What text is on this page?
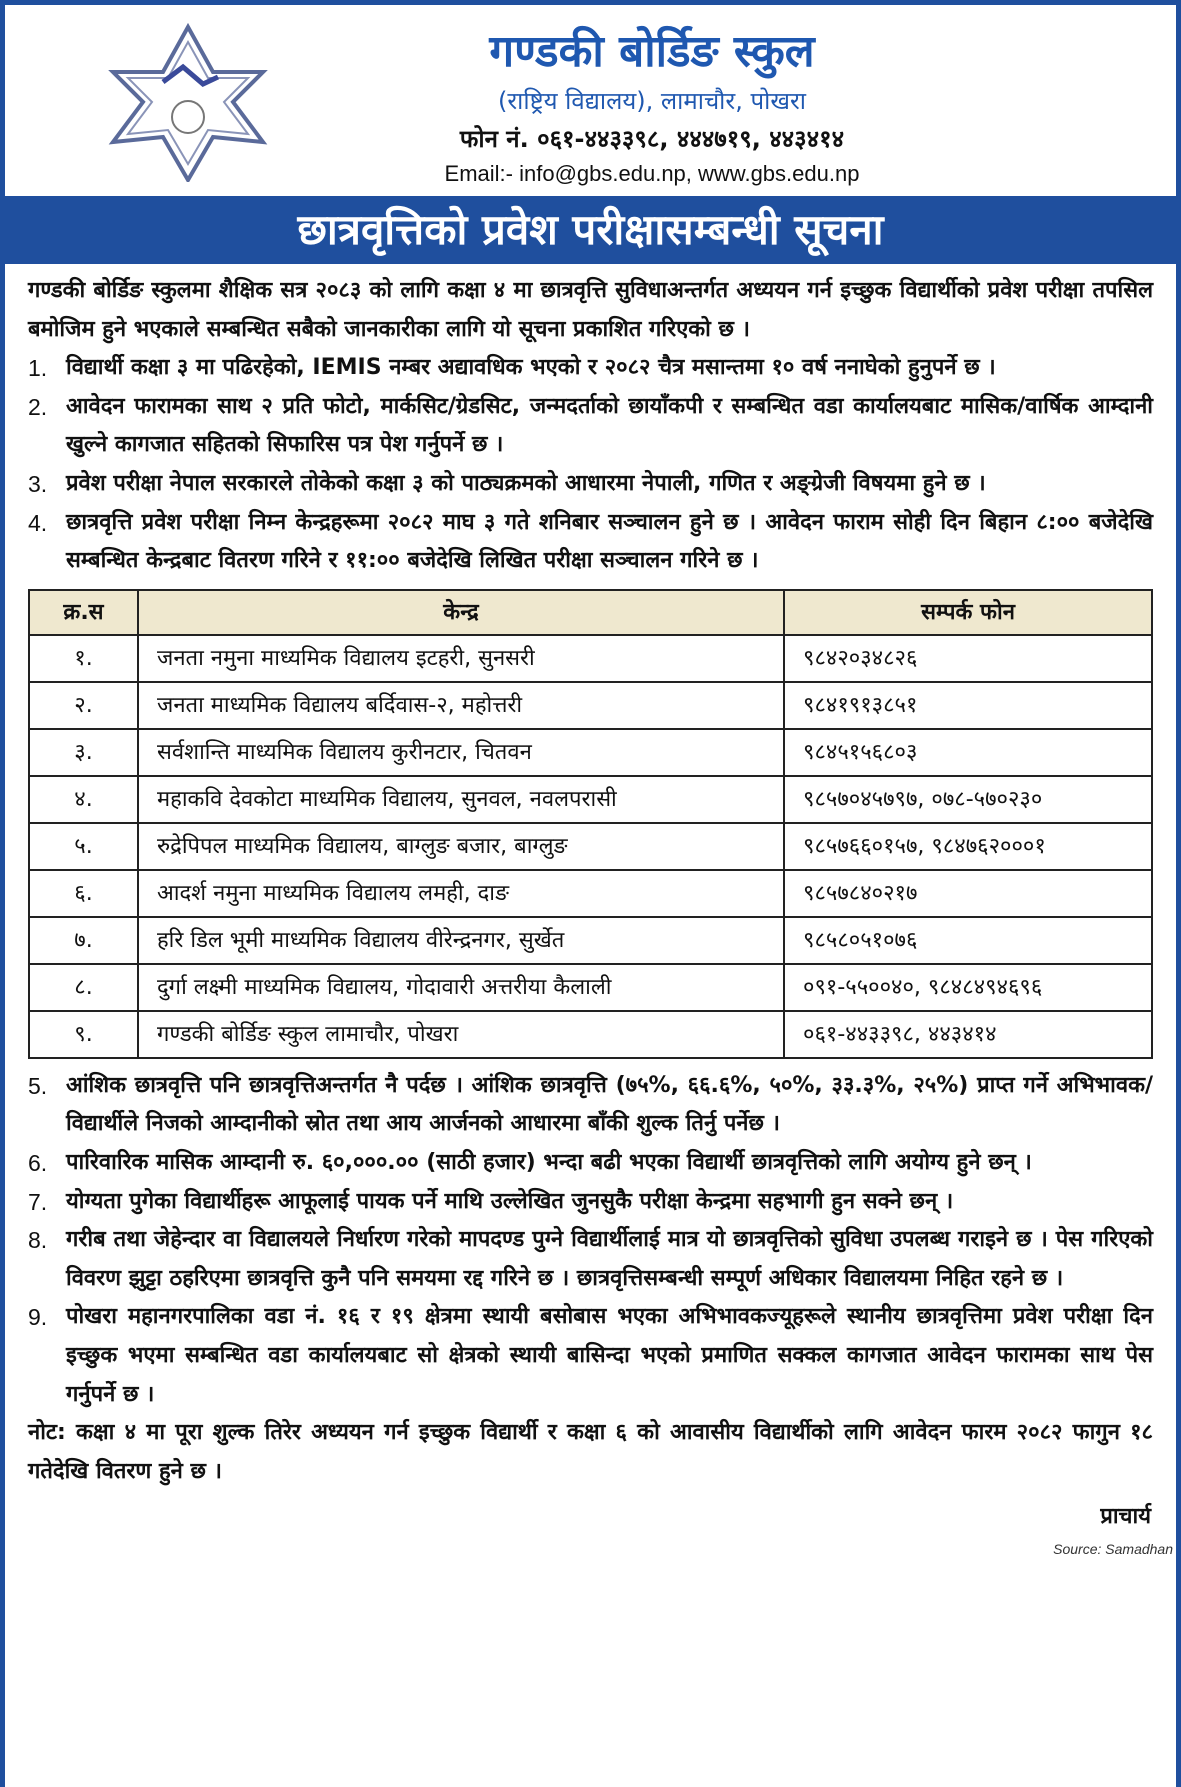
गण्डकी बोर्डिङ स्कुल
(राष्ट्रिय विद्यालय), लामाचौर, पोखरा
फोन नं. ०६१-४४३३९८, ४४४७१९, ४४३४१४
Email:- info@gbs.edu.np, www.gbs.edu.np
छात्रवृत्तिको प्रवेश परीक्षासम्बन्धी सूचना

गण्डकी बोर्डिङ स्कुलमा शैक्षिक सत्र २०८३ को लागि कक्षा ४ मा छात्रवृत्ति सुविधाअन्तर्गत अध्ययन गर्न इच्छुक विद्यार्थीको प्रवेश परीक्षा तपसिल बमोजिम हुने भएकाले सम्बन्धित सबैको जानकारीका लागि यो सूचना प्रकाशित गरिएको छ ।

1. विद्यार्थी कक्षा ३ मा पढिरहेको, IEMIS नम्बर अद्यावधिक भएको र २०८२ चैत्र मसान्तमा १० वर्ष ननाघेको हुनुपर्ने छ ।
2. आवेदन फारामका साथ २ प्रति फोटो, मार्कसिट/ग्रेडसिट, जन्मदर्ताको छायाँकपी र सम्बन्धित वडा कार्यालयबाट मासिक/वार्षिक आम्दानी खुल्ने कागजात सहितको सिफारिस पत्र पेश गर्नुपर्ने छ ।
3. प्रवेश परीक्षा नेपाल सरकारले तोकेको कक्षा ३ को पाठ्यक्रमको आधारमा नेपाली, गणित र अङ्ग्रेजी विषयमा हुने छ ।
4. छात्रवृत्ति प्रवेश परीक्षा निम्न केन्द्रहरूमा २०८२ माघ ३ गते शनिबार सञ्चालन हुने छ । आवेदन फाराम सोही दिन बिहान ८:०० बजेदेखि सम्बन्धित केन्द्रबाट वितरण गरिने र ११:०० बजेदेखि लिखित परीक्षा सञ्चालन गरिने छ ।
क्र.स	केन्द्र	सम्पर्क फोन
१.	जनता नमुना माध्यमिक विद्यालय इटहरी, सुनसरी	९८४२०३४८२६
२.	जनता माध्यमिक विद्यालय बर्दिवास-२, महोत्तरी	९८४१९१३८५१
३.	सर्वशान्ति माध्यमिक विद्यालय कुरीनटार, चितवन	९८४५१५६८०३
४.	महाकवि देवकोटा माध्यमिक विद्यालय, सुनवल, नवलपरासी	९८५७०४५७९७, ०७८-५७०२३०
५.	रुद्रेपिपल माध्यमिक विद्यालय, बाग्लुङ बजार, बाग्लुङ	९८५७६६०१५७, ९८४७६२०००१
६.	आदर्श नमुना माध्यमिक विद्यालय लमही, दाङ	९८५७८४०२१७
७.	हरि डिल भूमी माध्यमिक विद्यालय वीरेन्द्रनगर, सुर्खेत	९८५८०५१०७६
८.	दुर्गा लक्ष्मी माध्यमिक विद्यालय, गोदावारी अत्तरीया कैलाली	०९१-५५००४०, ९८४८४९४६९६
९.	गण्डकी बोर्डिङ स्कुल लामाचौर, पोखरा	०६१-४४३३९८, ४४३४१४
5. आंशिक छात्रवृत्ति पनि छात्रवृत्तिअन्तर्गत नै पर्दछ । आंशिक छात्रवृत्ति (७५%, ६६.६%, ५०%, ३३.३%, २५%) प्राप्त गर्ने अभिभावक/विद्यार्थीले निजको आम्दानीको स्रोत तथा आय आर्जनको आधारमा बाँकी शुल्क तिर्नु पर्नेछ ।
6. पारिवारिक मासिक आम्दानी रु. ६०,०००.०० (साठी हजार) भन्दा बढी भएका विद्यार्थी छात्रवृत्तिको लागि अयोग्य हुने छन् ।
7. योग्यता पुगेका विद्यार्थीहरू आफूलाई पायक पर्ने माथि उल्लेखित जुनसुकै परीक्षा केन्द्रमा सहभागी हुन सक्ने छन् ।
8. गरीब तथा जेहेन्दार वा विद्यालयले निर्धारण गरेको मापदण्ड पुग्ने विद्यार्थीलाई मात्र यो छात्रवृत्तिको सुविधा उपलब्ध गराइने छ । पेस गरिएको विवरण झुट्टा ठहरिएमा छात्रवृत्ति कुनै पनि समयमा रद्द गरिने छ । छात्रवृत्तिसम्बन्धी सम्पूर्ण अधिकार विद्यालयमा निहित रहने छ ।
9. पोखरा महानगरपालिका वडा नं. १६ र १९ क्षेत्रमा स्थायी बसोबास भएका अभिभावकज्यूहरूले स्थानीय छात्रवृत्तिमा प्रवेश परीक्षा दिन इच्छुक भएमा सम्बन्धित वडा कार्यालयबाट सो क्षेत्रको स्थायी बासिन्दा भएको प्रमाणित सक्कल कागजात आवेदन फारामका साथ पेस गर्नुपर्ने छ ।

नोट: कक्षा ४ मा पूरा शुल्क तिरेर अध्ययन गर्न इच्छुक विद्यार्थी र कक्षा ६ को आवासीय विद्यार्थीको लागि आवेदन फारम २०८२ फागुन १८ गतेदेखि वितरण हुने छ ।

प्राचार्य
Source: Samadhan
